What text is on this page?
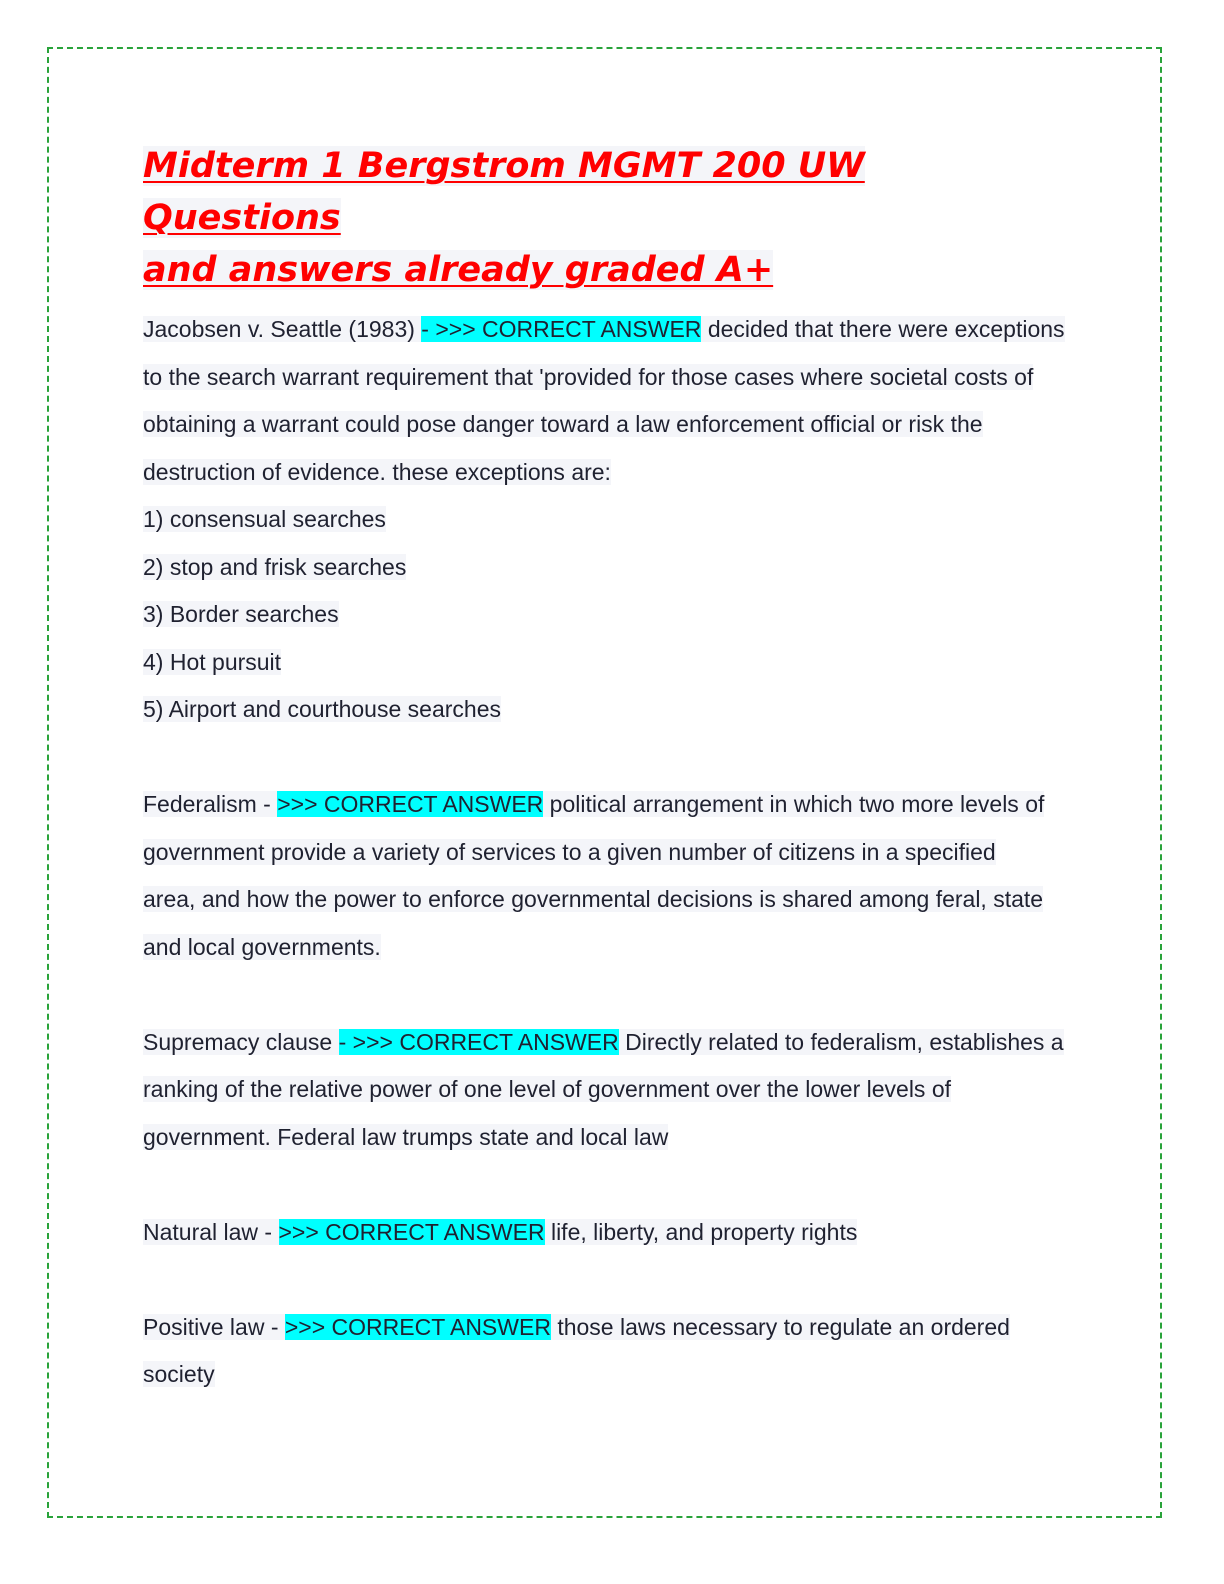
Midterm 1 Bergstrom MGMT 200 UW Questions
and answers already graded A+

Jacobsen v. Seattle (1983) - >>> CORRECT ANSWER decided that there were exceptions

to the search warrant requirement that 'provided for those cases where societal costs of

obtaining a warrant could pose danger toward a law enforcement official or risk the

destruction of evidence. these exceptions are:

1) consensual searches

2) stop and frisk searches

3) Border searches

4) Hot pursuit

5) Airport and courthouse searches

Federalism - >>> CORRECT ANSWER political arrangement in which two more levels of

government provide a variety of services to a given number of citizens in a specified

area, and how the power to enforce governmental decisions is shared among feral, state

and local governments.

Supremacy clause - >>> CORRECT ANSWER Directly related to federalism, establishes a

ranking of the relative power of one level of government over the lower levels of

government. Federal law trumps state and local law

Natural law - >>> CORRECT ANSWER life, liberty, and property rights

Positive law - >>> CORRECT ANSWER those laws necessary to regulate an ordered

society
